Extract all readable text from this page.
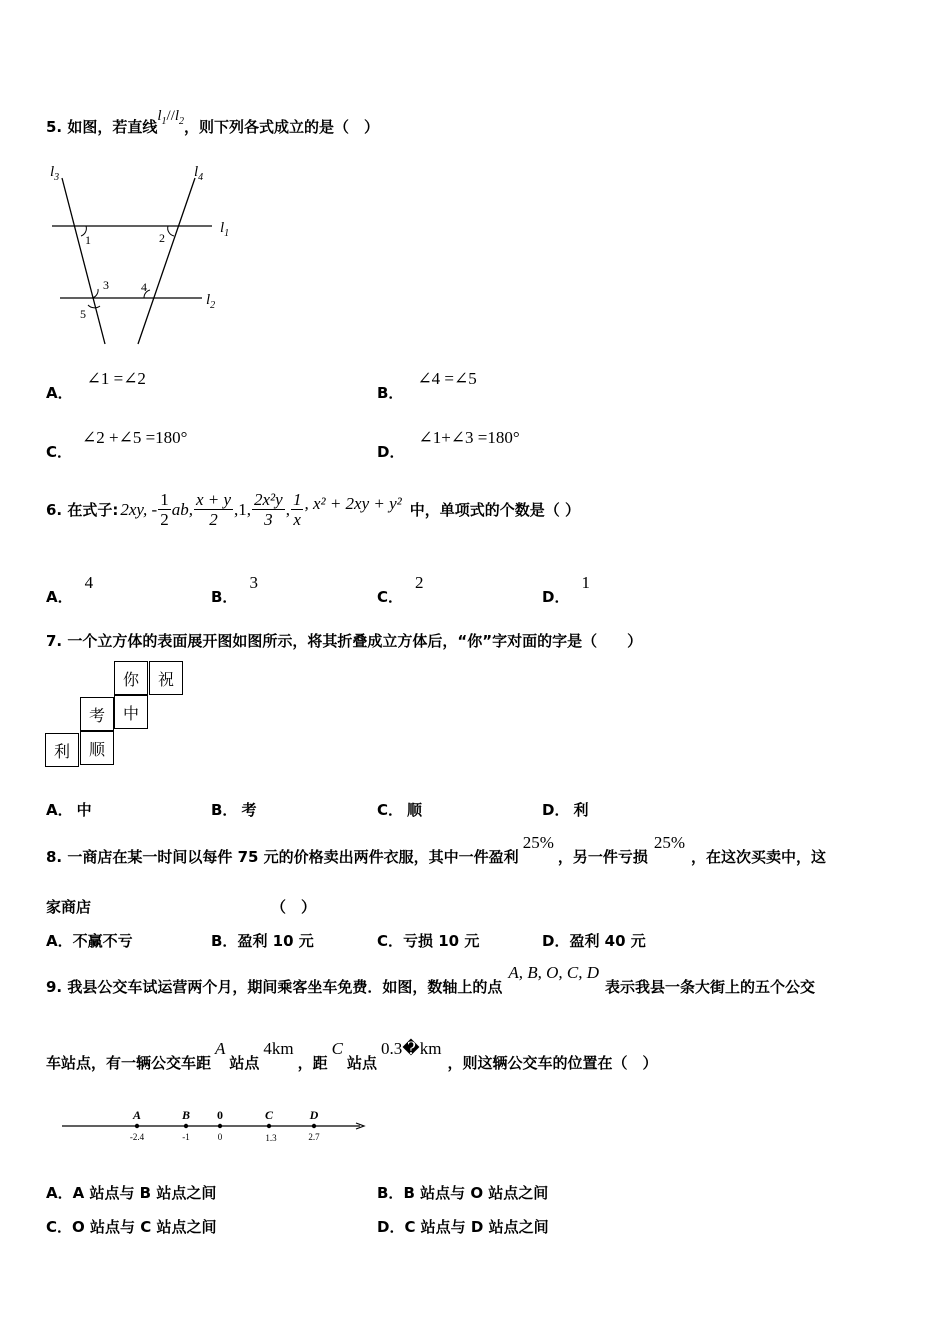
5. 如图，若直线$l_1//l_2$，则下列各式成立的是（　）
$l_3$	$l_4$
$l_1$
$l_2$
1	2
3	4
5
A．∠1 =∠2
B．∠4 =∠5
C．∠2 +∠5 =180°
D．∠1+∠3 =180°
6. 在式子: 2xy, - $\frac{1}{2}$ ab, $\frac{x + y}{2} ,1$, $\frac{\text{2x²y}}{3}$ , $\frac{1}{x}$ , x² + 2xy + y² 中，单项式的个数是（ ）
A．4
B．3
C．2
D．1
7. 一个立方体的表面展开图如图所示，将其折叠成立方体后，“你”字对面的字是（　　）
你	祝
考	中
利	顺
A． 中	B． 考	C． 顺	D． 利
8. 一商店在某一时间以每件 75 元的价格卖出两件衣服，其中一件盈利25%，另一件亏损25%，在这次买卖中，这
家商店	（　）
A．不赢不亏	B．盈利 10 元	C．亏损 10 元	D．盈利 40 元
9. 我县公交车试运营两个月，期间乘客坐车免费．如图，数轴上的点A, B, O, C, D表示我县一条大街上的五个公交
车站点，有一辆公交车距A站点4km，距C站点0.3�km，则这辆公交车的位置在（　）
A
-2.4
B
-1
0
0
C
1.3
D
2.7
A．A 站点与 B 站点之间	B．B 站点与 O 站点之间
C．O 站点与 C 站点之间	D．C 站点与 D 站点之间
